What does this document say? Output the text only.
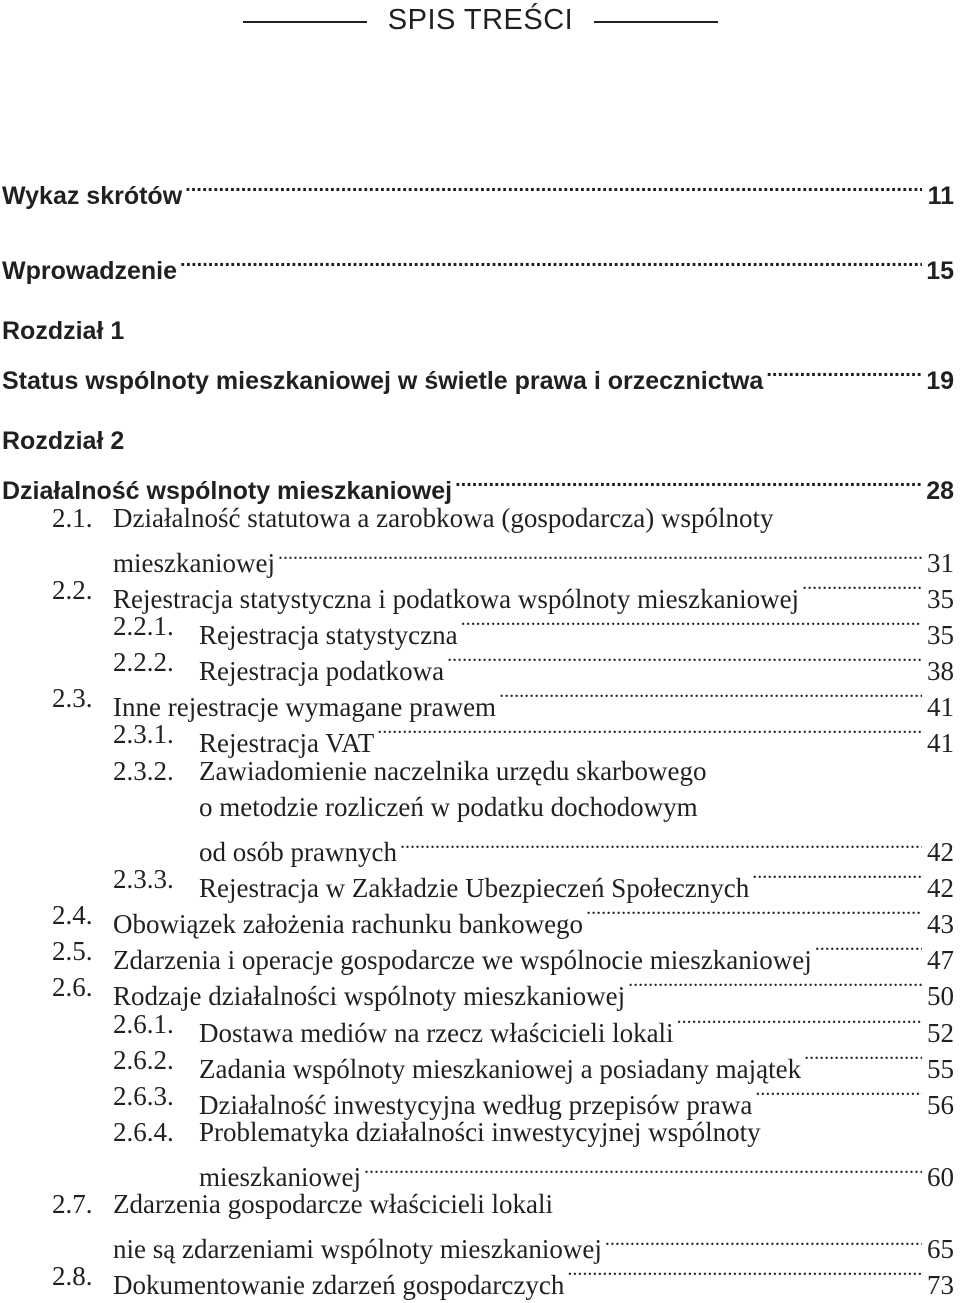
SPIS TREŚCI
Wykaz skrótów .....	11
Wprowadzenie .....	15
Rozdział 1
Status wspólnoty mieszkaniowej w świetle prawa i orzecznictwa .....	19
Rozdział 2
Działalność wspólnoty mieszkaniowej .....	28
2.1. Działalność statutowa a zarobkowa (gospodarcza) wspólnoty
mieszkaniowej .....	31
2.2. Rejestracja statystyczna i podatkowa wspólnoty mieszkaniowej .....	35
2.2.1. Rejestracja statystyczna .....	35
2.2.2. Rejestracja podatkowa .....	38
2.3. Inne rejestracje wymagane prawem .....	41
2.3.1. Rejestracja VAT .....	41
2.3.2. Zawiadomienie naczelnika urzędu skarbowego
o metodzie rozliczeń w podatku dochodowym
od osób prawnych .....	42
2.3.3. Rejestracja w Zakładzie Ubezpieczeń Społecznych .....	42
2.4. Obowiązek założenia rachunku bankowego .....	43
2.5. Zdarzenia i operacje gospodarcze we wspólnocie mieszkaniowej .....	47
2.6. Rodzaje działalności wspólnoty mieszkaniowej .....	50
2.6.1. Dostawa mediów na rzecz właścicieli lokali .....	52
2.6.2. Zadania wspólnoty mieszkaniowej a posiadany majątek .....	55
2.6.3. Działalność inwestycyjna według przepisów prawa .....	56
2.6.4. Problematyka działalności inwestycyjnej wspólnoty
mieszkaniowej .....	60
2.7. Zdarzenia gospodarcze właścicieli lokali
nie są zdarzeniami wspólnoty mieszkaniowej .....	65
2.8. Dokumentowanie zdarzeń gospodarczych .....	73
